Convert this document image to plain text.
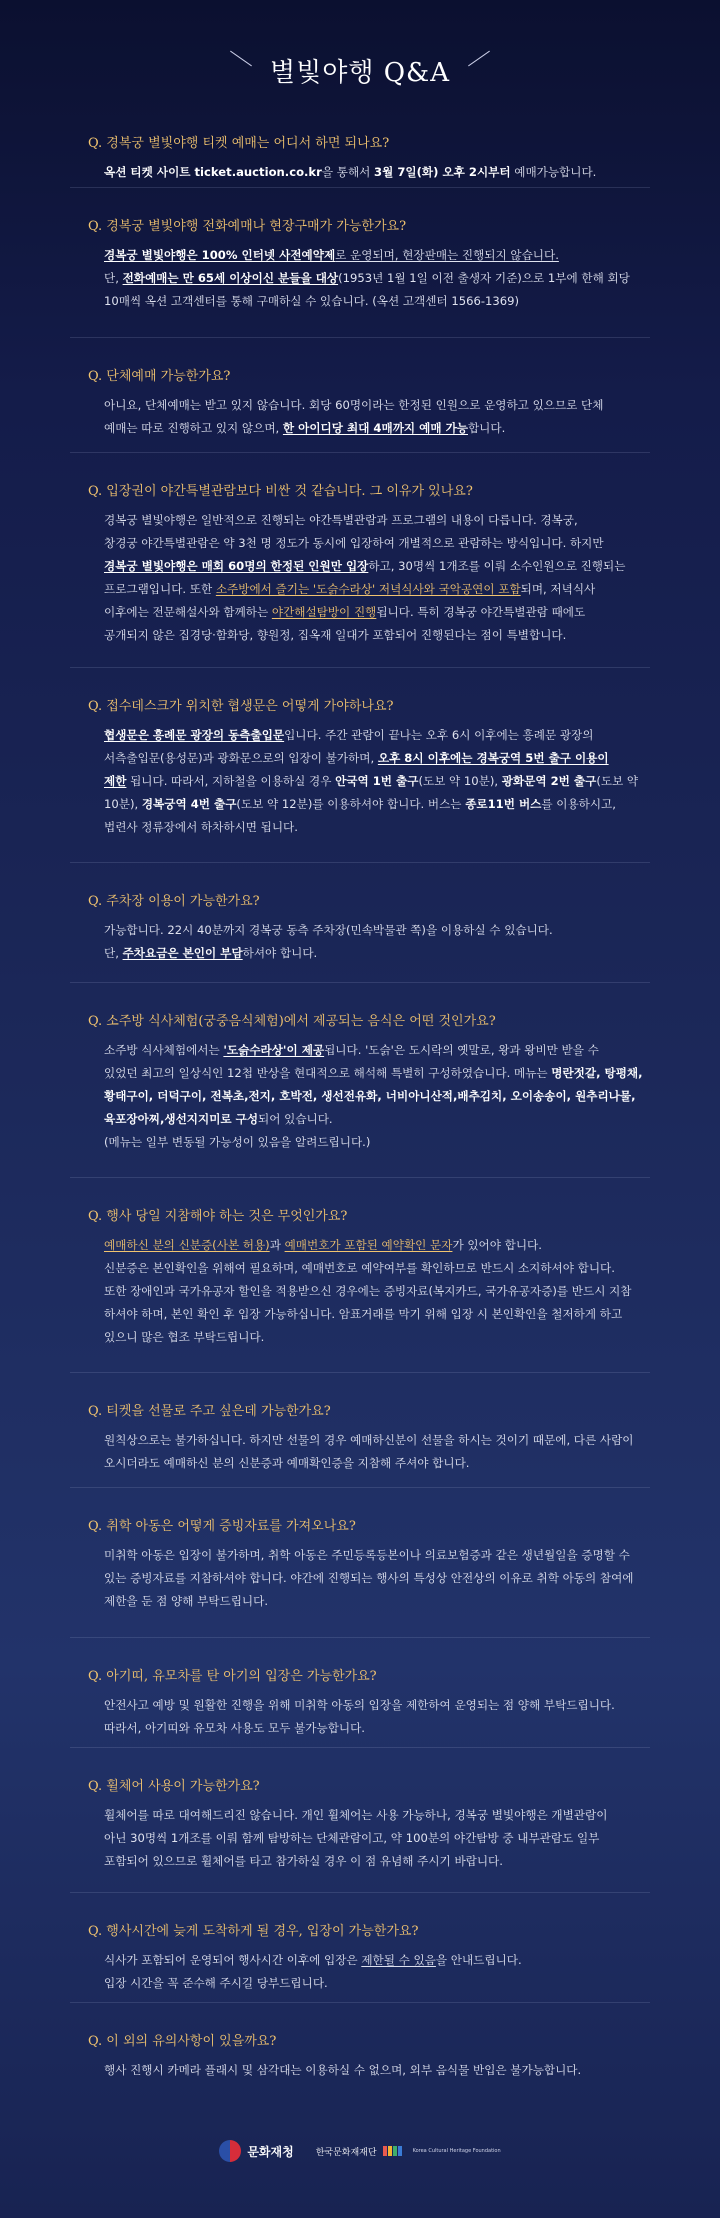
별빛야행 Q&A
Q. 경복궁 별빛야행 티켓 예매는 어디서 하면 되나요?

옥션 티켓 사이트 ticket.auction.co.kr을 통해서 3월 7일(화) 오후 2시부터 예매가능합니다.

Q. 경복궁 별빛야행 전화예매나 현장구매가 가능한가요?

경복궁 별빛야행은 100% 인터넷 사전예약제로 운영되며, 현장판매는 진행되지 않습니다.

단, 전화예매는 만 65세 이상이신 분들을 대상(1953년 1월 1일 이전 출생자 기준)으로 1부에 한해 회당

10매씩 옥션 고객센터를 통해 구매하실 수 있습니다. (옥션 고객센터 1566-1369)

Q. 단체예매 가능한가요?

아니요, 단체예매는 받고 있지 않습니다. 회당 60명이라는 한정된 인원으로 운영하고 있으므로 단체

예매는 따로 진행하고 있지 않으며, 한 아이디당 최대 4매까지 예매 가능합니다.

Q. 입장권이 야간특별관람보다 비싼 것 같습니다. 그 이유가 있나요?

경복궁 별빛야행은 일반적으로 진행되는 야간특별관람과 프로그램의 내용이 다릅니다. 경복궁,

창경궁 야간특별관람은 약 3천 명 정도가 동시에 입장하여 개별적으로 관람하는 방식입니다. 하지만

경복궁 별빛야행은 매회 60명의 한정된 인원만 입장하고, 30명씩 1개조를 이뤄 소수인원으로 진행되는

프로그램입니다. 또한 소주방에서 즐기는 '도슭수라상' 저녁식사와 국악공연이 포함되며, 저녁식사

이후에는 전문해설사와 함께하는 야간해설탐방이 진행됩니다. 특히 경복궁 야간특별관람 때에도

공개되지 않은 집경당·함화당, 향원정, 집옥재 일대가 포함되어 진행된다는 점이 특별합니다.

Q. 접수데스크가 위치한 협생문은 어떻게 가야하나요?

협생문은 흥례문 광장의 동측출입문입니다. 주간 관람이 끝나는 오후 6시 이후에는 흥례문 광장의

서측출입문(용성문)과 광화문으로의 입장이 불가하며, 오후 8시 이후에는 경복궁역 5번 출구 이용이

제한 됩니다. 따라서, 지하철을 이용하실 경우 안국역 1번 출구(도보 약 10분), 광화문역 2번 출구(도보 약

10분), 경복궁역 4번 출구(도보 약 12분)를 이용하셔야 합니다. 버스는 종로11번 버스를 이용하시고,

법련사 정류장에서 하차하시면 됩니다.

Q. 주차장 이용이 가능한가요?

가능합니다. 22시 40분까지 경복궁 동측 주차장(민속박물관 쪽)을 이용하실 수 있습니다.

단, 주차요금은 본인이 부담하셔야 합니다.

Q. 소주방 식사체험(궁중음식체험)에서 제공되는 음식은 어떤 것인가요?

소주방 식사체험에서는 '도슭수라상'이 제공됩니다. '도슭'은 도시락의 옛말로, 왕과 왕비만 받을 수

있었던 최고의 일상식인 12첩 반상을 현대적으로 해석해 특별히 구성하였습니다. 메뉴는 명란젓갈, 탕평채,

황태구이, 더덕구이, 전복초,전지, 호박전, 생선전유화, 너비아니산적,배추김치, 오이송송이, 원추리나물,

육포장아찌,생선지지미로 구성되어 있습니다.

(메뉴는 일부 변동될 가능성이 있음을 알려드립니다.)

Q. 행사 당일 지참해야 하는 것은 무엇인가요?

예매하신 분의 신분증(사본 허용)과 예매번호가 포함된 예약확인 문자가 있어야 합니다.

신분증은 본인확인을 위해여 필요하며, 예매번호로 예약여부를 확인하므로 반드시 소지하셔야 합니다.

또한 장애인과 국가유공자 할인을 적용받으신 경우에는 증빙자료(복지카드, 국가유공자증)를 반드시 지참

하셔야 하며, 본인 확인 후 입장 가능하십니다. 암표거래를 막기 위해 입장 시 본인확인을 철저하게 하고

있으니 많은 협조 부탁드립니다.

Q. 티켓을 선물로 주고 싶은데 가능한가요?

원칙상으로는 불가하십니다. 하지만 선물의 경우 예매하신분이 선물을 하시는 것이기 때문에, 다른 사람이

오시더라도 예매하신 분의 신분증과 예매확인증을 지참해 주셔야 합니다.

Q. 취학 아동은 어떻게 증빙자료를 가져오나요?

미취학 아동은 입장이 불가하며, 취학 아동은 주민등록등본이나 의료보험증과 같은 생년월일을 증명할 수

있는 증빙자료를 지참하셔야 합니다. 야간에 진행되는 행사의 특성상 안전상의 이유로 취학 아동의 참여에

제한을 둔 점 양해 부탁드립니다.

Q. 아기띠, 유모차를 탄 아기의 입장은 가능한가요?

안전사고 예방 및 원활한 진행을 위해 미취학 아동의 입장을 제한하여 운영되는 점 양해 부탁드립니다.

따라서, 아기띠와 유모차 사용도 모두 불가능합니다.

Q. 휠체어 사용이 가능한가요?

휠체어를 따로 대여해드리진 않습니다. 개인 휠체어는 사용 가능하나, 경복궁 별빛야행은 개별관람이

아닌 30명씩 1개조를 이뤄 함께 탐방하는 단체관람이고, 약 100분의 야간탐방 중 내부관람도 일부

포함되어 있으므로 휠체어를 타고 참가하실 경우 이 점 유념해 주시기 바랍니다.

Q. 행사시간에 늦게 도착하게 될 경우, 입장이 가능한가요?

식사가 포함되어 운영되어 행사시간 이후에 입장은 제한될 수 있음을 안내드립니다.

입장 시간을 꼭 준수해 주시길 당부드립니다.

Q. 이 외의 유의사항이 있을까요?

행사 진행시 카메라 플래시 및 삼각대는 이용하실 수 없으며, 외부 음식물 반입은 불가능합니다.

문화재청 한국문화재재단	Korea Cultural Heritage Foundation
